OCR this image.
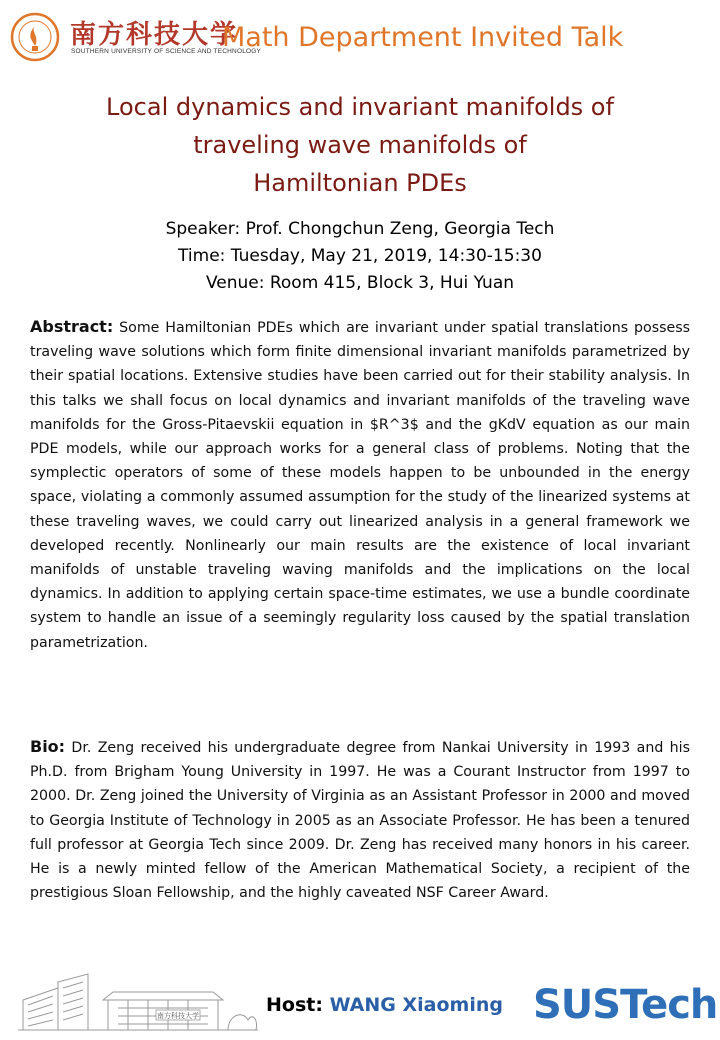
南方科技大学
SOUTHERN UNIVERSITY OF SCIENCE AND TECHNOLOGY
Math Department Invited Talk
Local dynamics and invariant manifolds of
traveling wave manifolds of
Hamiltonian PDEs
Speaker: Prof. Chongchun Zeng, Georgia Tech
Time: Tuesday, May 21, 2019, 14:30-15:30
Venue: Room 415, Block 3, Hui Yuan
Abstract: Some Hamiltonian PDEs which are invariant under spatial translations possess traveling wave solutions which form finite dimensional invariant manifolds parametrized by their spatial locations. Extensive studies have been carried out for their stability analysis. In this talks we shall focus on local dynamics and invariant manifolds of the traveling wave manifolds for the Gross-Pitaevskii equation in $R^3$ and the gKdV equation as our main PDE models, while our approach works for a general class of problems. Noting that the symplectic operators of some of these models happen to be unbounded in the energy space, violating a commonly assumed assumption for the study of the linearized systems at these traveling waves, we could carry out linearized analysis in a general framework we developed recently. Nonlinearly our main results are the existence of local invariant manifolds of unstable traveling waving manifolds and the implications on the local dynamics. In addition to applying certain space-time estimates, we use a bundle coordinate system to handle an issue of a seemingly regularity loss caused by the spatial translation parametrization.
Bio: Dr. Zeng received his undergraduate degree from Nankai University in 1993 and his Ph.D. from Brigham Young University in 1997. He was a Courant Instructor from 1997 to 2000. Dr. Zeng joined the University of Virginia as an Assistant Professor in 2000 and moved to Georgia Institute of Technology in 2005 as an Associate Professor. He has been a tenured full professor at Georgia Tech since 2009. Dr. Zeng has received many honors in his career. He is a newly minted fellow of the American Mathematical Society, a recipient of the prestigious Sloan Fellowship, and the highly caveated NSF Career Award.
南方科技大学	Host: WANG Xiaoming SUSTech
